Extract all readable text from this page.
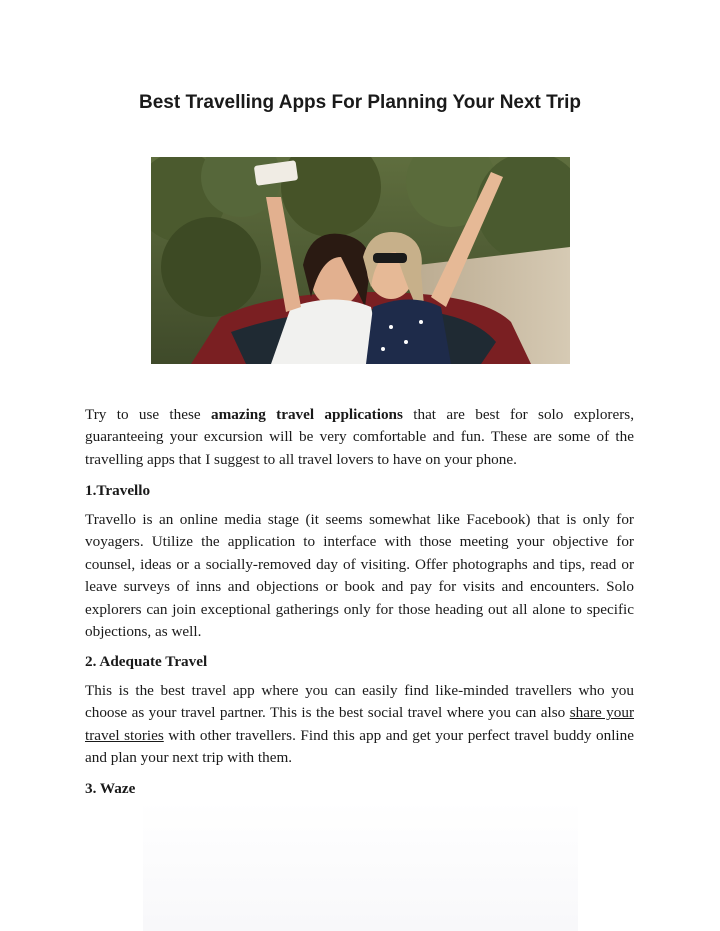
Best Travelling Apps For Planning Your Next Trip

Try to use these amazing travel applications that are best for solo explorers, guaranteeing your excursion will be very comfortable and fun. These are some of the travelling apps that I suggest to all travel lovers to have on your phone.

1.Travello

Travello is an online media stage (it seems somewhat like Facebook) that is only for voyagers. Utilize the application to interface with those meeting your objective for counsel, ideas or a socially-removed day of visiting. Offer photographs and tips, read or leave surveys of inns and objections or book and pay for visits and encounters. Solo explorers can join exceptional gatherings only for those heading out all alone to specific objections, as well.

2. Adequate Travel

This is the best travel app where you can easily find like-minded travellers who you choose as your travel partner. This is the best social travel where you can also share your travel stories with other travellers. Find this app and get your perfect travel buddy online and plan your next trip with them.

3. Waze
